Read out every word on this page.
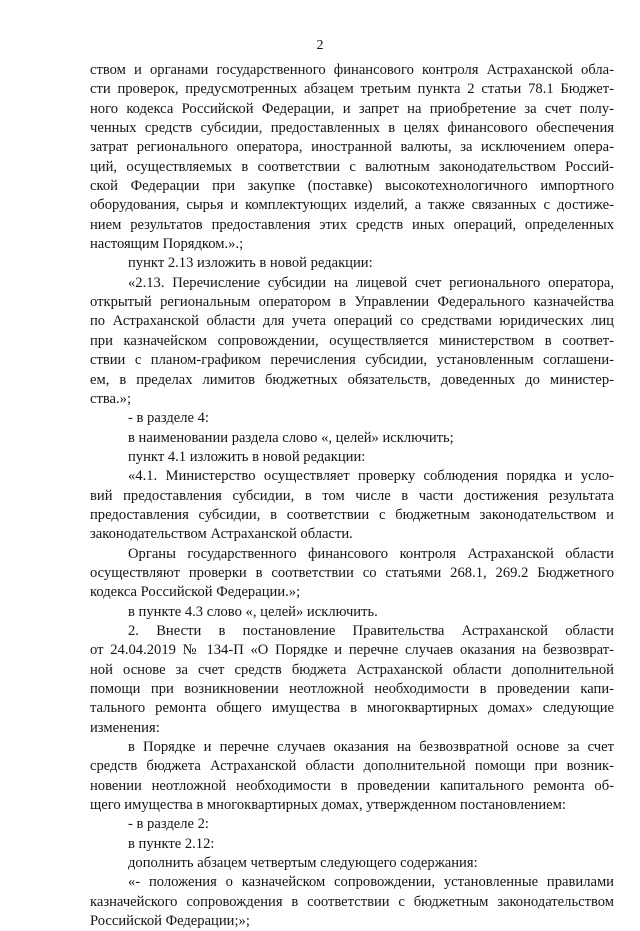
2
ством и органами государственного финансового контроля Астраханской обла-
сти проверок, предусмотренных абзацем третьим пункта 2 статьи 78.1 Бюджет-
ного кодекса Российской Федерации, и запрет на приобретение за счет полу-
ченных средств субсидии, предоставленных в целях финансового обеспечения
затрат регионального оператора, иностранной валюты, за исключением опера-
ций, осуществляемых в соответствии с валютным законодательством Россий-
ской Федерации при закупке (поставке) высокотехнологичного импортного
оборудования, сырья и комплектующих изделий, а также связанных с достиже-
нием результатов предоставления этих средств иных операций, определенных
настоящим Порядком.».;
пункт 2.13 изложить в новой редакции:
«2.13. Перечисление субсидии на лицевой счет регионального оператора,
открытый региональным оператором в Управлении Федерального казначейства
по Астраханской области для учета операций со средствами юридических лиц
при казначейском сопровождении, осуществляется министерством в соответ-
ствии с планом-графиком перечисления субсидии, установленным соглашени-
ем, в пределах лимитов бюджетных обязательств, доведенных до министер-
ства.»;
- в разделе 4:
в наименовании раздела слово «, целей» исключить;
пункт 4.1 изложить в новой редакции:
«4.1. Министерство осуществляет проверку соблюдения порядка и усло-
вий предоставления субсидии, в том числе в части достижения результата
предоставления субсидии, в соответствии с бюджетным законодательством и
законодательством Астраханской области.
Органы государственного финансового контроля Астраханской области
осуществляют проверки в соответствии со статьями 268.1, 269.2 Бюджетного
кодекса Российской Федерации.»;
в пункте 4.3 слово «, целей» исключить.
2. Внести в постановление Правительства Астраханской области
от 24.04.2019 № 134-П «О Порядке и перечне случаев оказания на безвозврат-
ной основе за счет средств бюджета Астраханской области дополнительной
помощи при возникновении неотложной необходимости в проведении капи-
тального ремонта общего имущества в многоквартирных домах» следующие
изменения:
в Порядке и перечне случаев оказания на безвозвратной основе за счет
средств бюджета Астраханской области дополнительной помощи при возник-
новении неотложной необходимости в проведении капитального ремонта об-
щего имущества в многоквартирных домах, утвержденном постановлением:
- в разделе 2:
в пункте 2.12:
дополнить абзацем четвертым следующего содержания:
«- положения о казначейском сопровождении, установленные правилами
казначейского сопровождения в соответствии с бюджетным законодательством
Российской Федерации;»;
